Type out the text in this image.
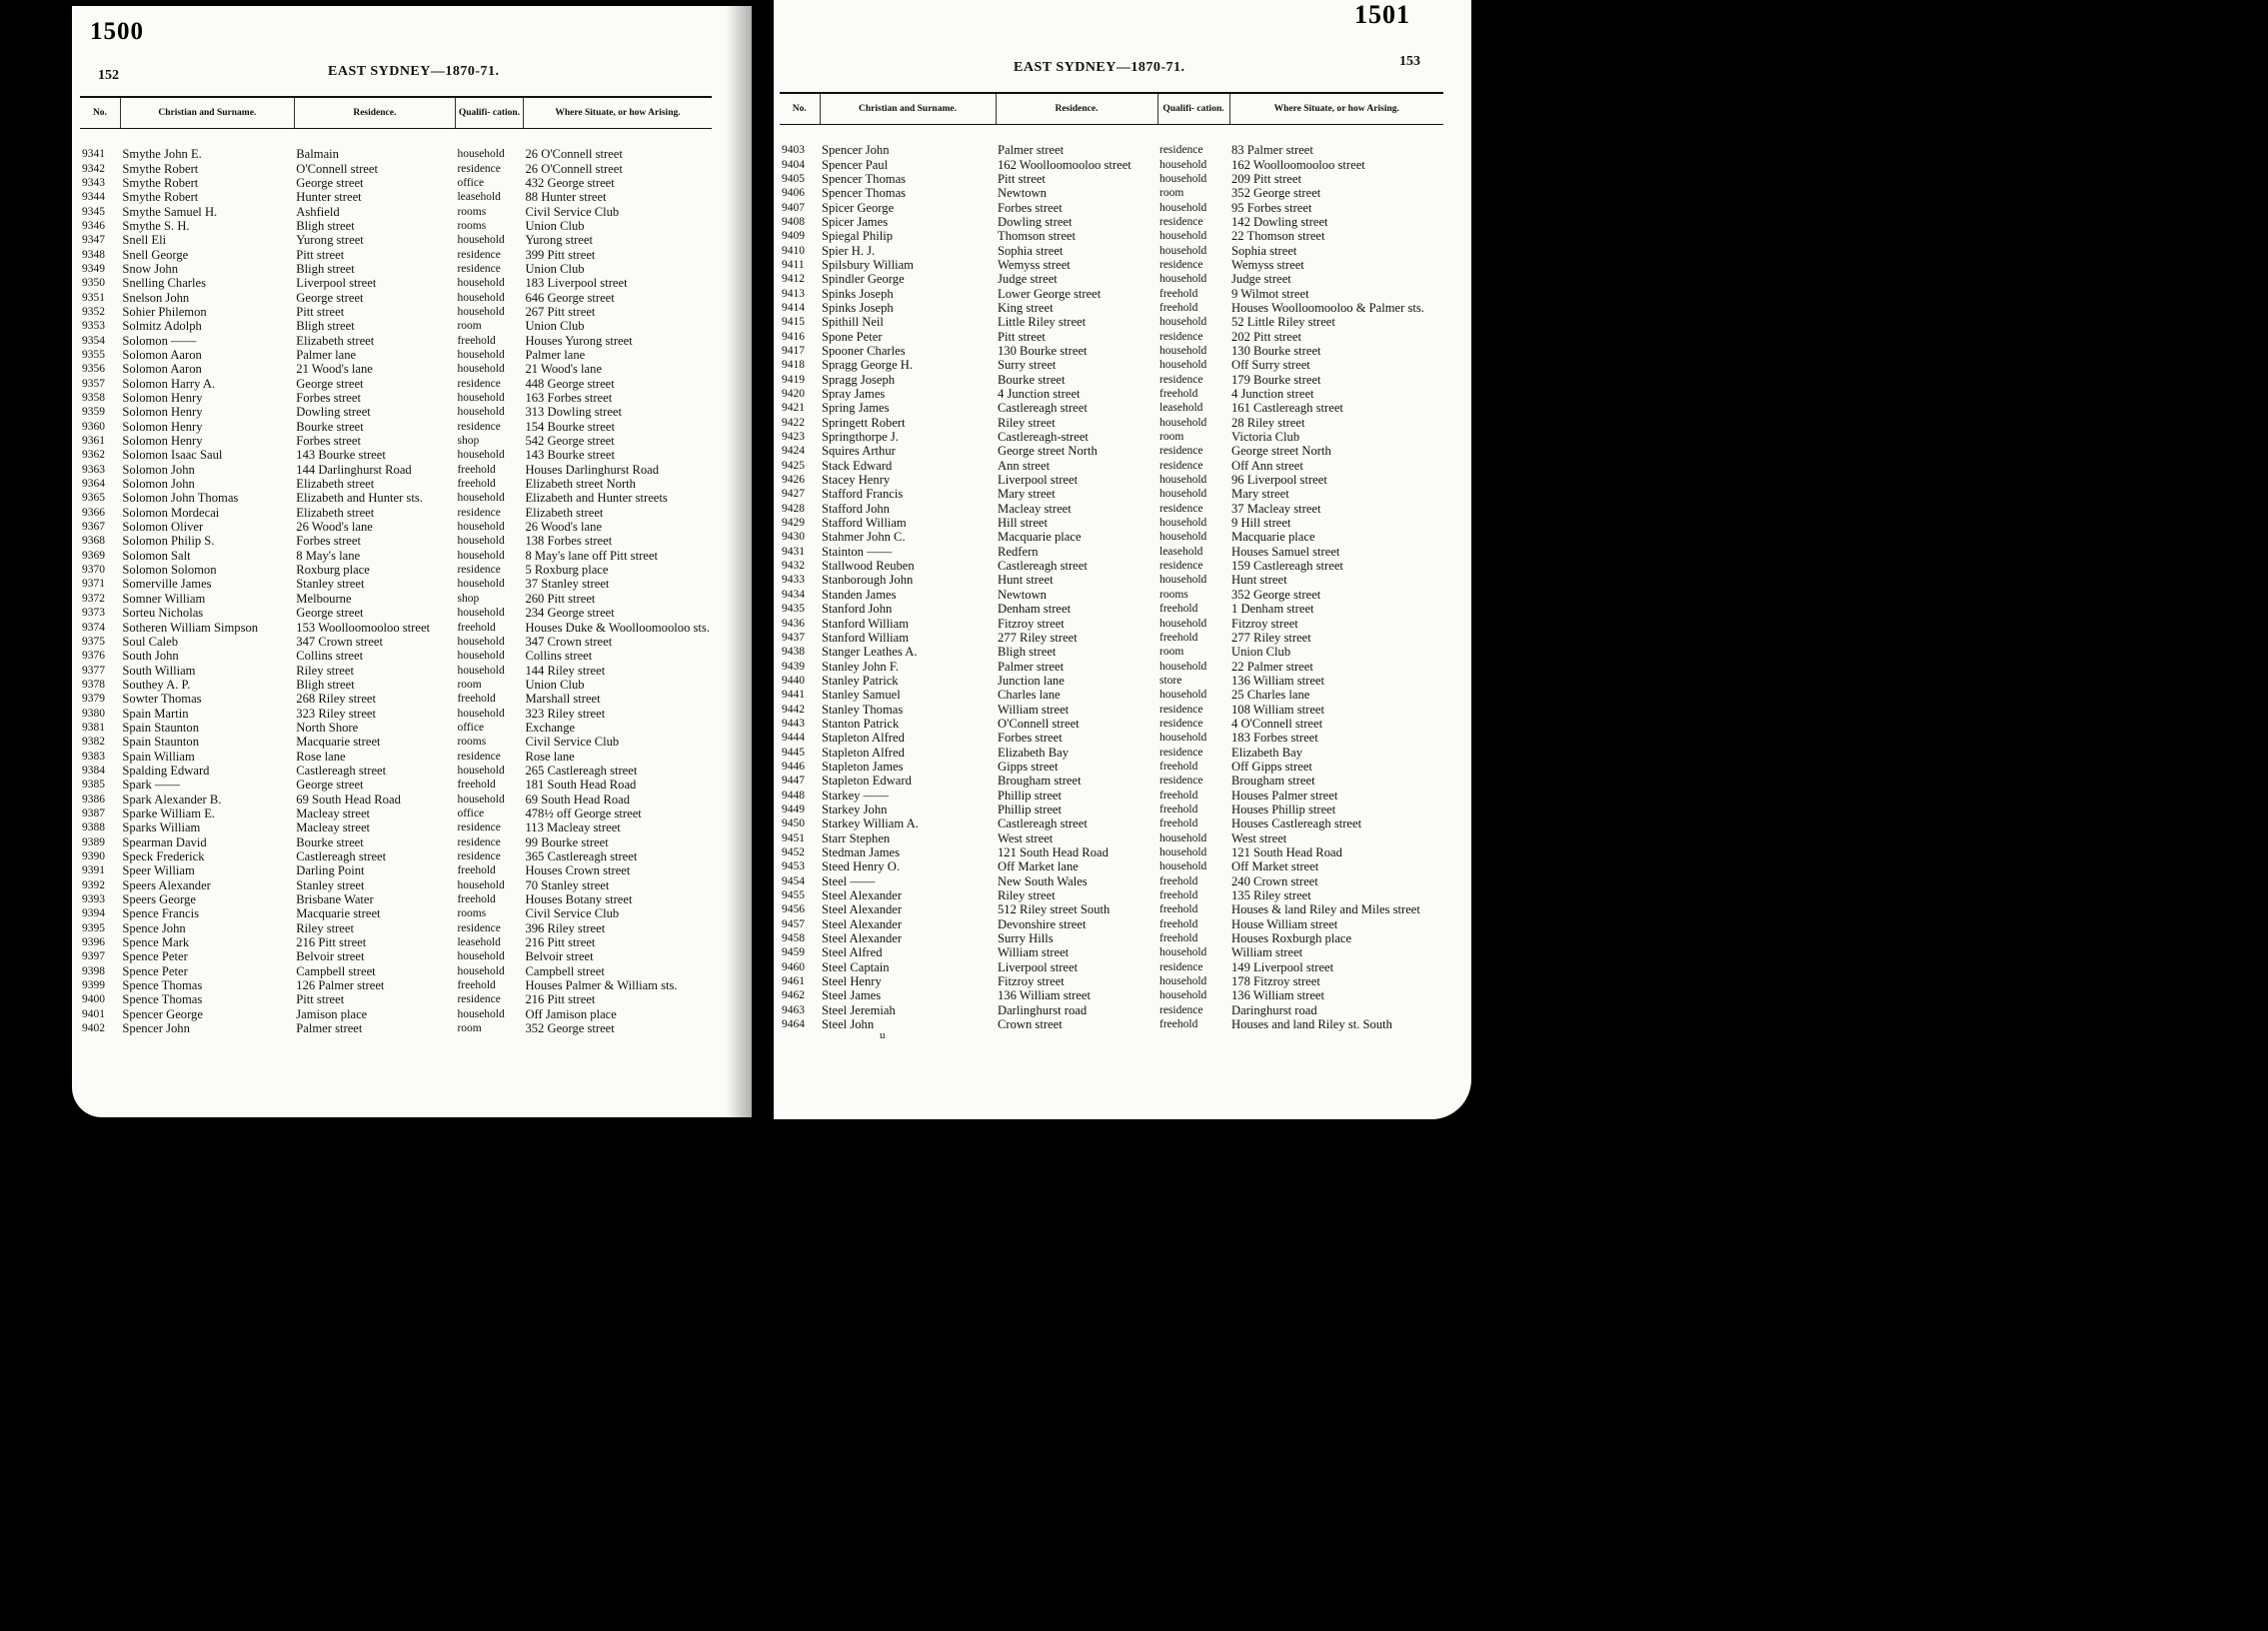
1500
1501
152	EAST SYDNEY—1870-71.
153
EAST SYDNEY—1870-71.
No.	Christian and Surname.	Residence.	Qualifi- cation.	Where Situate, or how Arising.
9341	Smythe John E.	Balmain	household	26 O'Connell street
9342	Smythe Robert	O'Connell street	residence	26 O'Connell street
9343	Smythe Robert	George street	office	432 George street
9344	Smythe Robert	Hunter street	leasehold	88 Hunter street
9345	Smythe Samuel H.	Ashfield	rooms	Civil Service Club
9346	Smythe S. H.	Bligh street	rooms	Union Club
9347	Snell Eli	Yurong street	household	Yurong street
9348	Snell George	Pitt street	residence	399 Pitt street
9349	Snow John	Bligh street	residence	Union Club
9350	Snelling Charles	Liverpool street	household	183 Liverpool street
9351	Snelson John	George street	household	646 George street
9352	Sohier Philemon	Pitt street	household	267 Pitt street
9353	Solmitz Adolph	Bligh street	room	Union Club
9354	Solomon ——	Elizabeth street	freehold	Houses Yurong street
9355	Solomon Aaron	Palmer lane	household	Palmer lane
9356	Solomon Aaron	21 Wood's lane	household	21 Wood's lane
9357	Solomon Harry A.	George street	residence	448 George street
9358	Solomon Henry	Forbes street	household	163 Forbes street
9359	Solomon Henry	Dowling street	household	313 Dowling street
9360	Solomon Henry	Bourke street	residence	154 Bourke street
9361	Solomon Henry	Forbes street	shop	542 George street
9362	Solomon Isaac Saul	143 Bourke street	household	143 Bourke street
9363	Solomon John	144 Darlinghurst Road	freehold	Houses Darlinghurst Road
9364	Solomon John	Elizabeth street	freehold	Elizabeth street North
9365	Solomon John Thomas	Elizabeth and Hunter sts.	household	Elizabeth and Hunter streets
9366	Solomon Mordecai	Elizabeth street	residence	Elizabeth street
9367	Solomon Oliver	26 Wood's lane	household	26 Wood's lane
9368	Solomon Philip S.	Forbes street	household	138 Forbes street
9369	Solomon Salt	8 May's lane	household	8 May's lane off Pitt street
9370	Solomon Solomon	Roxburg place	residence	5 Roxburg place
9371	Somerville James	Stanley street	household	37 Stanley street
9372	Somner William	Melbourne	shop	260 Pitt street
9373	Sorteu Nicholas	George street	household	234 George street
9374	Sotheren William Simpson	153 Woolloomooloo street	freehold	Houses Duke & Woolloomooloo sts.
9375	Soul Caleb	347 Crown street	household	347 Crown street
9376	South John	Collins street	household	Collins street
9377	South William	Riley street	household	144 Riley street
9378	Southey A. P.	Bligh street	room	Union Club
9379	Sowter Thomas	268 Riley street	freehold	Marshall street
9380	Spain Martin	323 Riley street	household	323 Riley street
9381	Spain Staunton	North Shore	office	Exchange
9382	Spain Staunton	Macquarie street	rooms	Civil Service Club
9383	Spain William	Rose lane	residence	Rose lane
9384	Spalding Edward	Castlereagh street	household	265 Castlereagh street
9385	Spark ——	George street	freehold	181 South Head Road
9386	Spark Alexander B.	69 South Head Road	household	69 South Head Road
9387	Sparke William E.	Macleay street	office	478½ off George street
9388	Sparks William	Macleay street	residence	113 Macleay street
9389	Spearman David	Bourke street	residence	99 Bourke street
9390	Speck Frederick	Castlereagh street	residence	365 Castlereagh street
9391	Speer William	Darling Point	freehold	Houses Crown street
9392	Speers Alexander	Stanley street	household	70 Stanley street
9393	Speers George	Brisbane Water	freehold	Houses Botany street
9394	Spence Francis	Macquarie street	rooms	Civil Service Club
9395	Spence John	Riley street	residence	396 Riley street
9396	Spence Mark	216 Pitt street	leasehold	216 Pitt street
9397	Spence Peter	Belvoir street	household	Belvoir street
9398	Spence Peter	Campbell street	household	Campbell street
9399	Spence Thomas	126 Palmer street	freehold	Houses Palmer & William sts.
9400	Spence Thomas	Pitt street	residence	216 Pitt street
9401	Spencer George	Jamison place	household	Off Jamison place
9402	Spencer John	Palmer street	room	352 George street
No.	Christian and Surname.	Residence.	Qualifi- cation.	Where Situate, or how Arising.
9403	Spencer John	Palmer street	residence	83 Palmer street
9404	Spencer Paul	162 Woolloomooloo street	household	162 Woolloomooloo street
9405	Spencer Thomas	Pitt street	household	209 Pitt street
9406	Spencer Thomas	Newtown	room	352 George street
9407	Spicer George	Forbes street	household	95 Forbes street
9408	Spicer James	Dowling street	residence	142 Dowling street
9409	Spiegal Philip	Thomson street	household	22 Thomson street
9410	Spier H. J.	Sophia street	household	Sophia street
9411	Spilsbury William	Wemyss street	residence	Wemyss street
9412	Spindler George	Judge street	household	Judge street
9413	Spinks Joseph	Lower George street	freehold	9 Wilmot street
9414	Spinks Joseph	King street	freehold	Houses Woolloomooloo & Palmer sts.
9415	Spithill Neil	Little Riley street	household	52 Little Riley street
9416	Spone Peter	Pitt street	residence	202 Pitt street
9417	Spooner Charles	130 Bourke street	household	130 Bourke street
9418	Spragg George H.	Surry street	household	Off Surry street
9419	Spragg Joseph	Bourke street	residence	179 Bourke street
9420	Spray James	4 Junction street	freehold	4 Junction street
9421	Spring James	Castlereagh street	leasehold	161 Castlereagh street
9422	Springett Robert	Riley street	household	28 Riley street
9423	Springthorpe J.	Castlereagh-street	room	Victoria Club
9424	Squires Arthur	George street North	residence	George street North
9425	Stack Edward	Ann street	residence	Off Ann street
9426	Stacey Henry	Liverpool street	household	96 Liverpool street
9427	Stafford Francis	Mary street	household	Mary street
9428	Stafford John	Macleay street	residence	37 Macleay street
9429	Stafford William	Hill street	household	9 Hill street
9430	Stahmer John C.	Macquarie place	household	Macquarie place
9431	Stainton ——	Redfern	leasehold	Houses Samuel street
9432	Stallwood Reuben	Castlereagh street	residence	159 Castlereagh street
9433	Stanborough John	Hunt street	household	Hunt street
9434	Standen James	Newtown	rooms	352 George street
9435	Stanford John	Denham street	freehold	1 Denham street
9436	Stanford William	Fitzroy street	household	Fitzroy street
9437	Stanford William	277 Riley street	freehold	277 Riley street
9438	Stanger Leathes A.	Bligh street	room	Union Club
9439	Stanley John F.	Palmer street	household	22 Palmer street
9440	Stanley Patrick	Junction lane	store	136 William street
9441	Stanley Samuel	Charles lane	household	25 Charles lane
9442	Stanley Thomas	William street	residence	108 William street
9443	Stanton Patrick	O'Connell street	residence	4 O'Connell street
9444	Stapleton Alfred	Forbes street	household	183 Forbes street
9445	Stapleton Alfred	Elizabeth Bay	residence	Elizabeth Bay
9446	Stapleton James	Gipps street	freehold	Off Gipps street
9447	Stapleton Edward	Brougham street	residence	Brougham street
9448	Starkey ——	Phillip street	freehold	Houses Palmer street
9449	Starkey John	Phillip street	freehold	Houses Phillip street
9450	Starkey William A.	Castlereagh street	freehold	Houses Castlereagh street
9451	Starr Stephen	West street	household	West street
9452	Stedman James	121 South Head Road	household	121 South Head Road
9453	Steed Henry O.	Off Market lane	household	Off Market street
9454	Steel ——	New South Wales	freehold	240 Crown street
9455	Steel Alexander	Riley street	freehold	135 Riley street
9456	Steel Alexander	512 Riley street South	freehold	Houses & land Riley and Miles street
9457	Steel Alexander	Devonshire street	freehold	House William street
9458	Steel Alexander	Surry Hills	freehold	Houses Roxburgh place
9459	Steel Alfred	William street	household	William street
9460	Steel Captain	Liverpool street	residence	149 Liverpool street
9461	Steel Henry	Fitzroy street	household	178 Fitzroy street
9462	Steel James	136 William street	household	136 William street
9463	Steel Jeremiah	Darlinghurst road	residence	Daringhurst road
9464	Steel John	Crown street	freehold	Houses and land Riley st. South
u
